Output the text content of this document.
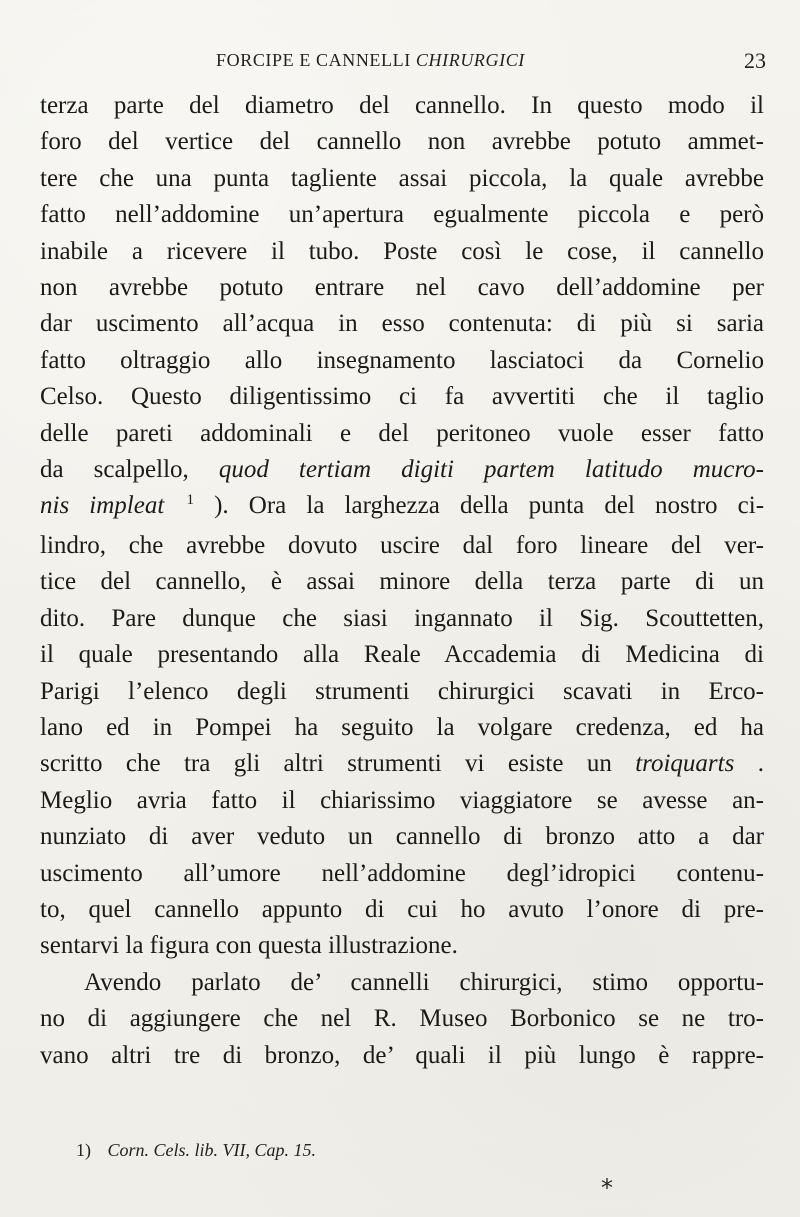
FORCIPE E CANNELLI CHIRURGICI	23
terza parte del diametro del cannello. In questo modo il
foro del vertice del cannello non avrebbe potuto ammet-
tere che una punta tagliente assai piccola, la quale avrebbe
fatto nell’addomine un’apertura egualmente piccola e però
inabile a ricevere il tubo. Poste così le cose, il cannello
non avrebbe potuto entrare nel cavo dell’addomine per
dar uscimento all’acqua in esso contenuta: di più si saria
fatto oltraggio allo insegnamento lasciatoci da Cornelio
Celso. Questo diligentissimo ci fa avvertiti che il taglio
delle pareti addominali e del peritoneo vuole esser fatto
da scalpello, quod tertiam digiti partem latitudo mucro-
nis impleat $^1$ ). Ora la larghezza della punta del nostro ci-
lindro, che avrebbe dovuto uscire dal foro lineare del ver-
tice del cannello, è assai minore della terza parte di un
dito. Pare dunque che siasi ingannato il Sig. Scouttetten,
il quale presentando alla Reale Accademia di Medicina di
Parigi l’elenco degli strumenti chirurgici scavati in Erco-
lano ed in Pompei ha seguito la volgare credenza, ed ha
scritto che tra gli altri strumenti vi esiste un troiquarts .
Meglio avria fatto il chiarissimo viaggiatore se avesse an-
nunziato di aver veduto un cannello di bronzo atto a dar
uscimento all’umore nell’addomine degl’idropici contenu-
to, quel cannello appunto di cui ho avuto l’onore di pre-
sentarvi la figura con questa illustrazione.
Avendo parlato de’ cannelli chirurgici, stimo opportu-
no di aggiungere che nel R. Museo Borbonico se ne tro-
vano altri tre di bronzo, de’ quali il più lungo è rappre-
1) Corn. Cels. lib. VII, Cap. 15.
*
